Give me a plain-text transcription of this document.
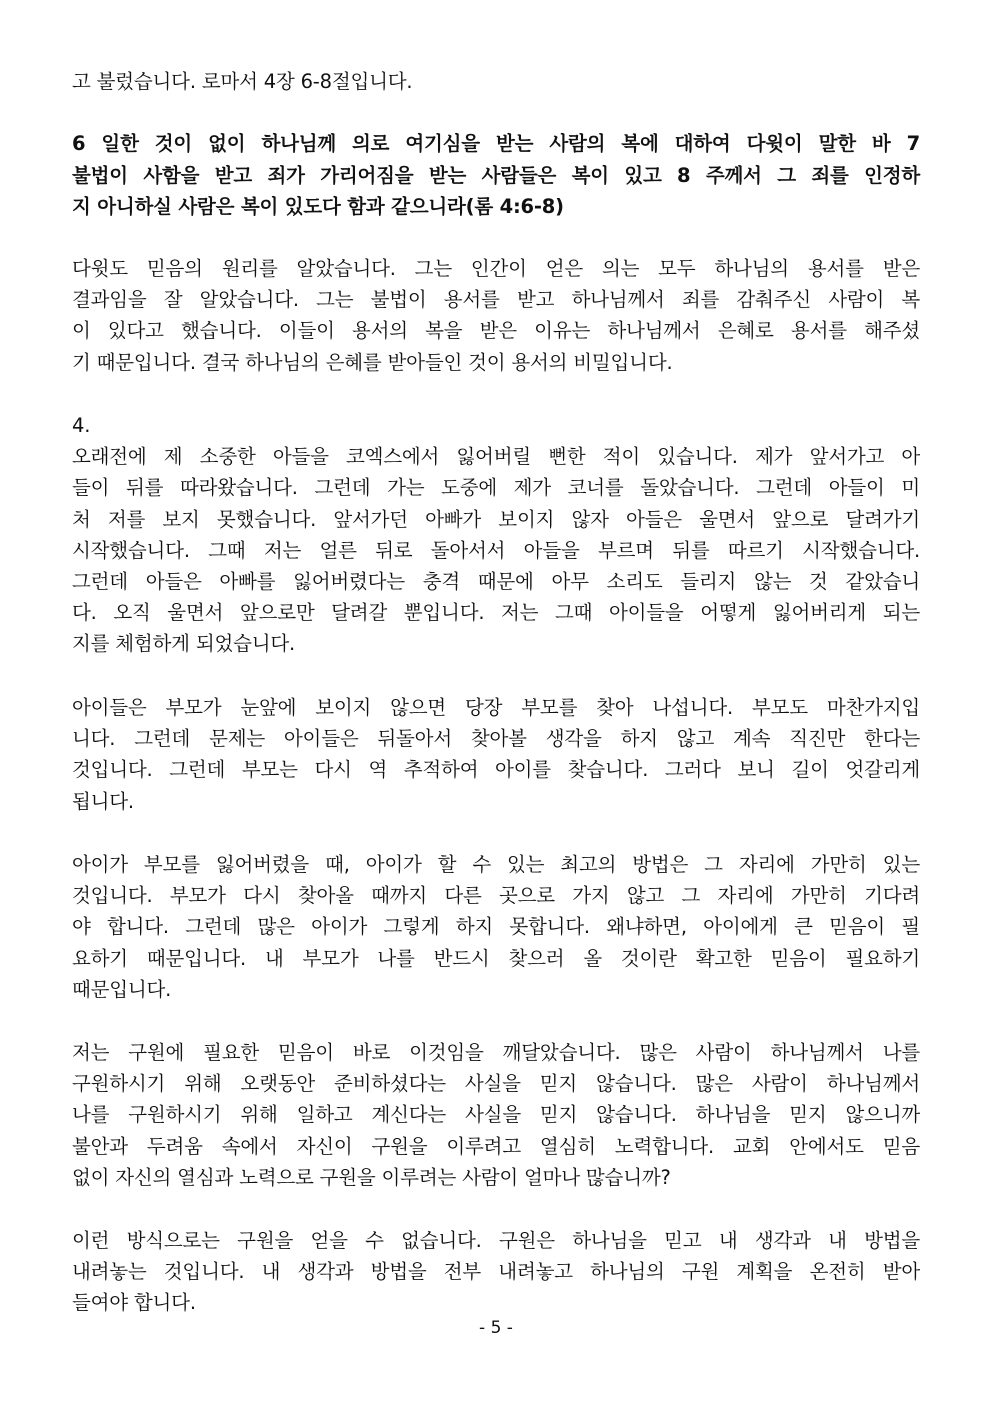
고 불렀습니다. 로마서 4장 6-8절입니다.

6 일한 것이 없이 하나님께 의로 여기심을 받는 사람의 복에 대하여 다윗이 말한 바 7
불법이 사함을 받고 죄가 가리어짐을 받는 사람들은 복이 있고 8 주께서 그 죄를 인정하
지 아니하실 사람은 복이 있도다 함과 같으니라(롬 4:6-8)

다윗도 믿음의 원리를 알았습니다. 그는 인간이 얻은 의는 모두 하나님의 용서를 받은
결과임을 잘 알았습니다. 그는 불법이 용서를 받고 하나님께서 죄를 감춰주신 사람이 복
이 있다고 했습니다. 이들이 용서의 복을 받은 이유는 하나님께서 은혜로 용서를 해주셨
기 때문입니다. 결국 하나님의 은혜를 받아들인 것이 용서의 비밀입니다.

4.
오래전에 제 소중한 아들을 코엑스에서 잃어버릴 뻔한 적이 있습니다. 제가 앞서가고 아
들이 뒤를 따라왔습니다. 그런데 가는 도중에 제가 코너를 돌았습니다. 그런데 아들이 미
처 저를 보지 못했습니다. 앞서가던 아빠가 보이지 않자 아들은 울면서 앞으로 달려가기
시작했습니다. 그때 저는 얼른 뒤로 돌아서서 아들을 부르며 뒤를 따르기 시작했습니다.
그런데 아들은 아빠를 잃어버렸다는 충격 때문에 아무 소리도 들리지 않는 것 같았습니
다. 오직 울면서 앞으로만 달려갈 뿐입니다. 저는 그때 아이들을 어떻게 잃어버리게 되는
지를 체험하게 되었습니다.

아이들은 부모가 눈앞에 보이지 않으면 당장 부모를 찾아 나섭니다. 부모도 마찬가지입
니다. 그런데 문제는 아이들은 뒤돌아서 찾아볼 생각을 하지 않고 계속 직진만 한다는
것입니다. 그런데 부모는 다시 역 추적하여 아이를 찾습니다. 그러다 보니 길이 엇갈리게
됩니다.

아이가 부모를 잃어버렸을 때, 아이가 할 수 있는 최고의 방법은 그 자리에 가만히 있는
것입니다. 부모가 다시 찾아올 때까지 다른 곳으로 가지 않고 그 자리에 가만히 기다려
야 합니다. 그런데 많은 아이가 그렇게 하지 못합니다. 왜냐하면, 아이에게 큰 믿음이 필
요하기 때문입니다. 내 부모가 나를 반드시 찾으러 올 것이란 확고한 믿음이 필요하기
때문입니다.

저는 구원에 필요한 믿음이 바로 이것임을 깨달았습니다. 많은 사람이 하나님께서 나를
구원하시기 위해 오랫동안 준비하셨다는 사실을 믿지 않습니다. 많은 사람이 하나님께서
나를 구원하시기 위해 일하고 계신다는 사실을 믿지 않습니다. 하나님을 믿지 않으니까
불안과 두려움 속에서 자신이 구원을 이루려고 열심히 노력합니다. 교회 안에서도 믿음
없이 자신의 열심과 노력으로 구원을 이루려는 사람이 얼마나 많습니까?

이런 방식으로는 구원을 얻을 수 없습니다. 구원은 하나님을 믿고 내 생각과 내 방법을
내려놓는 것입니다. 내 생각과 방법을 전부 내려놓고 하나님의 구원 계획을 온전히 받아
들여야 합니다.

- 5 -
